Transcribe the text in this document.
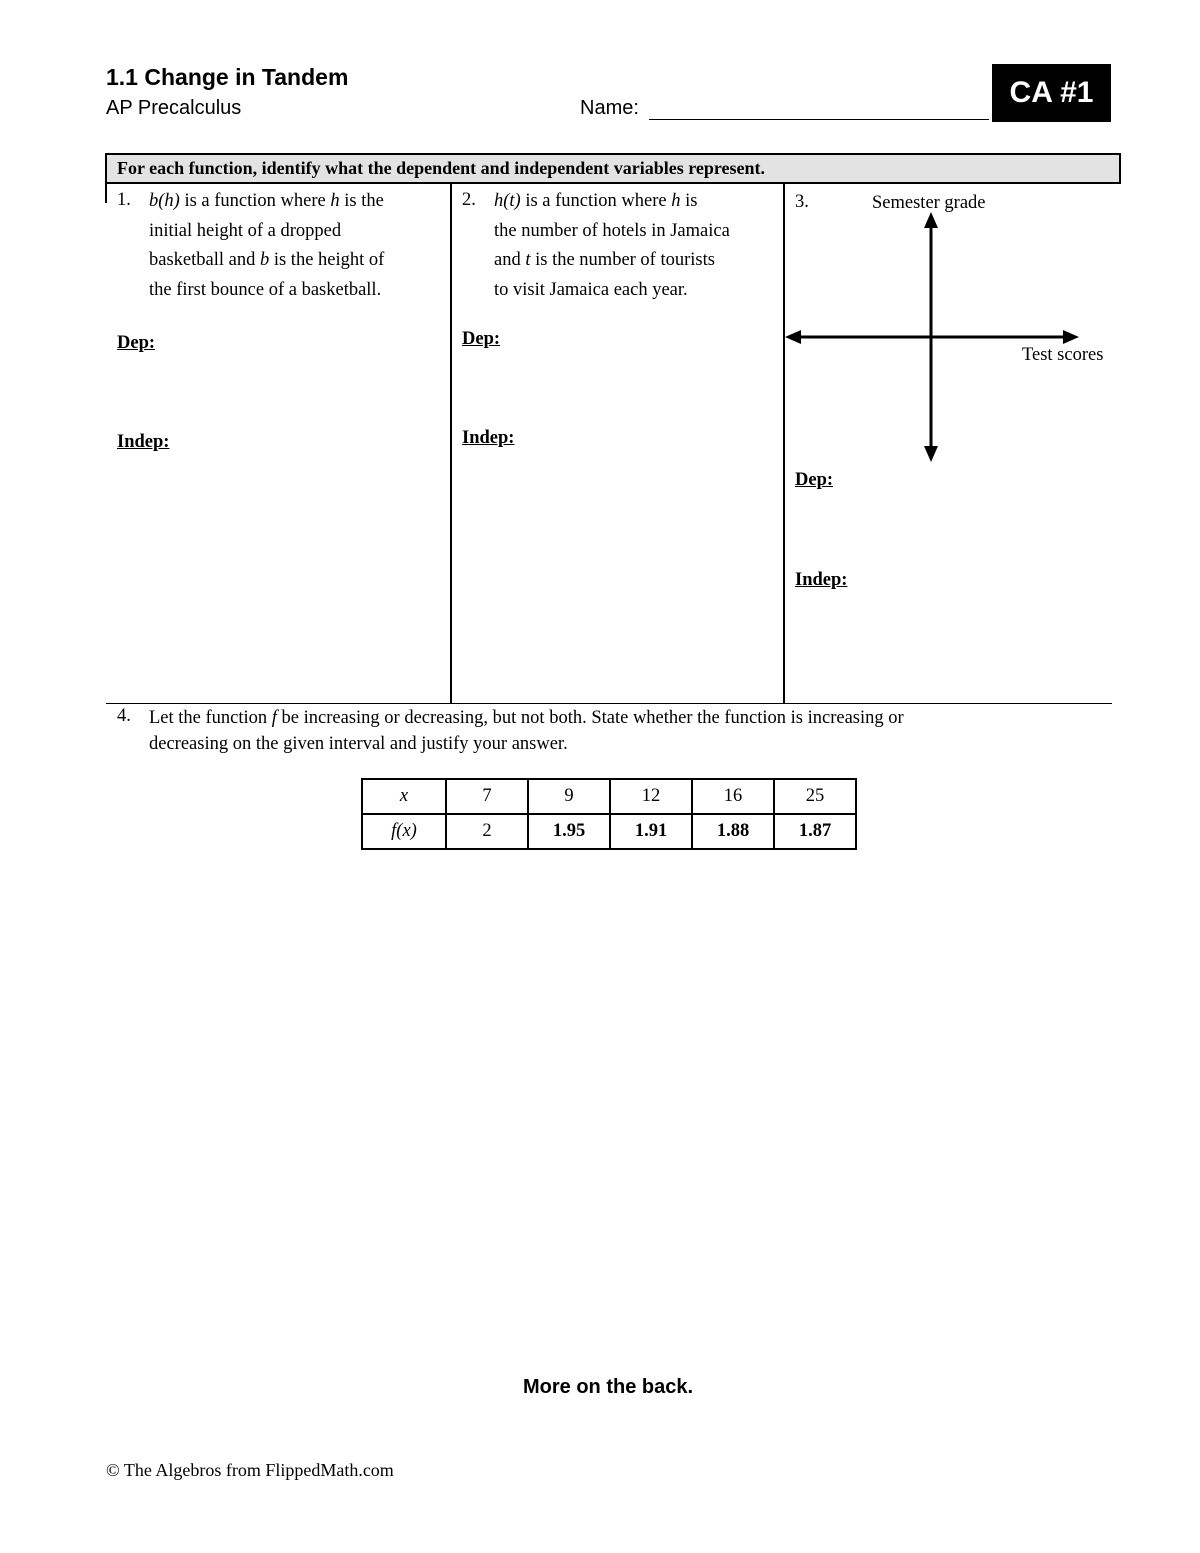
1.1 Change in Tandem
AP Precalculus	Name:	CA #1
For each function, identify what the dependent and independent variables represent.
1. b(h) is a function where h is the
initial height of a dropped
basketball and b is the height of
the first bounce of a basketball.
Dep:
Indep:
2. h(t) is a function where h is
the number of hotels in Jamaica
and t is the number of tourists
to visit Jamaica each year.
Dep:
Indep:
3.	Semester grade
Test scores
Dep:
Indep:
4. Let the function f be increasing or decreasing, but not both. State whether the function is increasing or
decreasing on the given interval and justify your answer.
x	7	9	12	16	25
f(x)	2	1.95	1.91	1.88	1.87
More on the back.
© The Algebros from FlippedMath.com
